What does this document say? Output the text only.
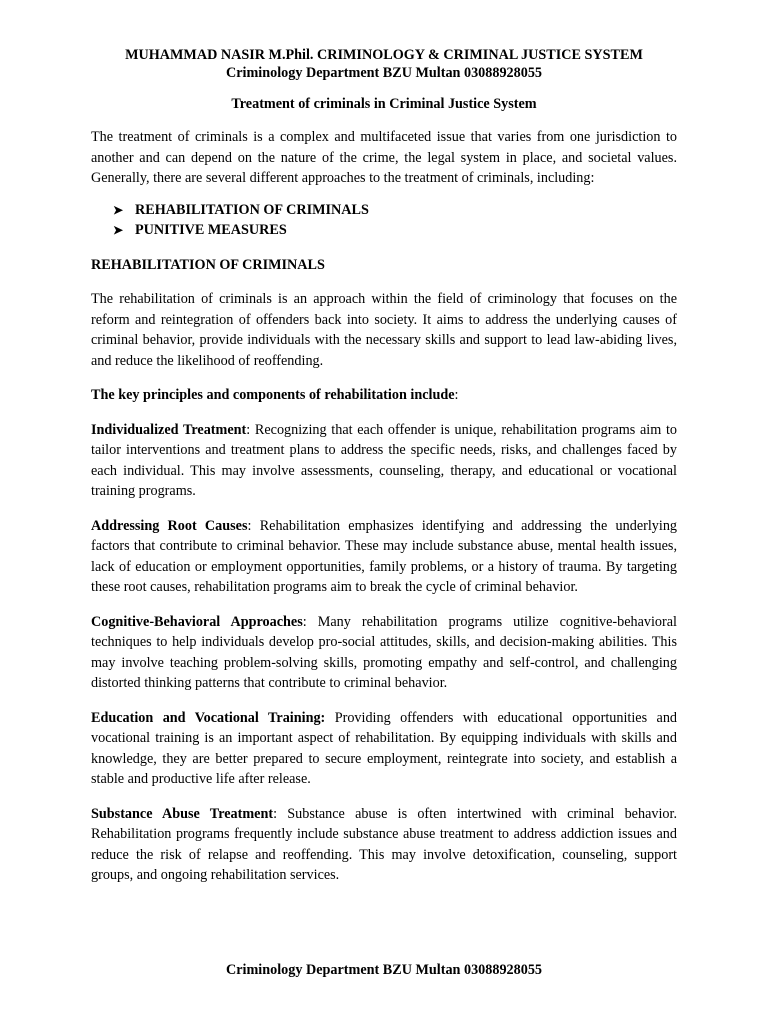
MUHAMMAD NASIR M.Phil. CRIMINOLOGY & CRIMINAL JUSTICE SYSTEM

Criminology Department BZU Multan 03088928055

Treatment of criminals in Criminal Justice System

The treatment of criminals is a complex and multifaceted issue that varies from one jurisdiction to another and can depend on the nature of the crime, the legal system in place, and societal values. Generally, there are several different approaches to the treatment of criminals, including:

➤ REHABILITATION OF CRIMINALS
➤ PUNITIVE MEASURES

REHABILITATION OF CRIMINALS

The rehabilitation of criminals is an approach within the field of criminology that focuses on the reform and reintegration of offenders back into society. It aims to address the underlying causes of criminal behavior, provide individuals with the necessary skills and support to lead law-abiding lives, and reduce the likelihood of reoffending.

The key principles and components of rehabilitation include:

Individualized Treatment: Recognizing that each offender is unique, rehabilitation programs aim to tailor interventions and treatment plans to address the specific needs, risks, and challenges faced by each individual. This may involve assessments, counseling, therapy, and educational or vocational training programs.

Addressing Root Causes: Rehabilitation emphasizes identifying and addressing the underlying factors that contribute to criminal behavior. These may include substance abuse, mental health issues, lack of education or employment opportunities, family problems, or a history of trauma. By targeting these root causes, rehabilitation programs aim to break the cycle of criminal behavior.

Cognitive-Behavioral Approaches: Many rehabilitation programs utilize cognitive-behavioral techniques to help individuals develop pro-social attitudes, skills, and decision-making abilities. This may involve teaching problem-solving skills, promoting empathy and self-control, and challenging distorted thinking patterns that contribute to criminal behavior.

Education and Vocational Training: Providing offenders with educational opportunities and vocational training is an important aspect of rehabilitation. By equipping individuals with skills and knowledge, they are better prepared to secure employment, reintegrate into society, and establish a stable and productive life after release.

Substance Abuse Treatment: Substance abuse is often intertwined with criminal behavior. Rehabilitation programs frequently include substance abuse treatment to address addiction issues and reduce the risk of relapse and reoffending. This may involve detoxification, counseling, support groups, and ongoing rehabilitation services.

Criminology Department BZU Multan 03088928055
